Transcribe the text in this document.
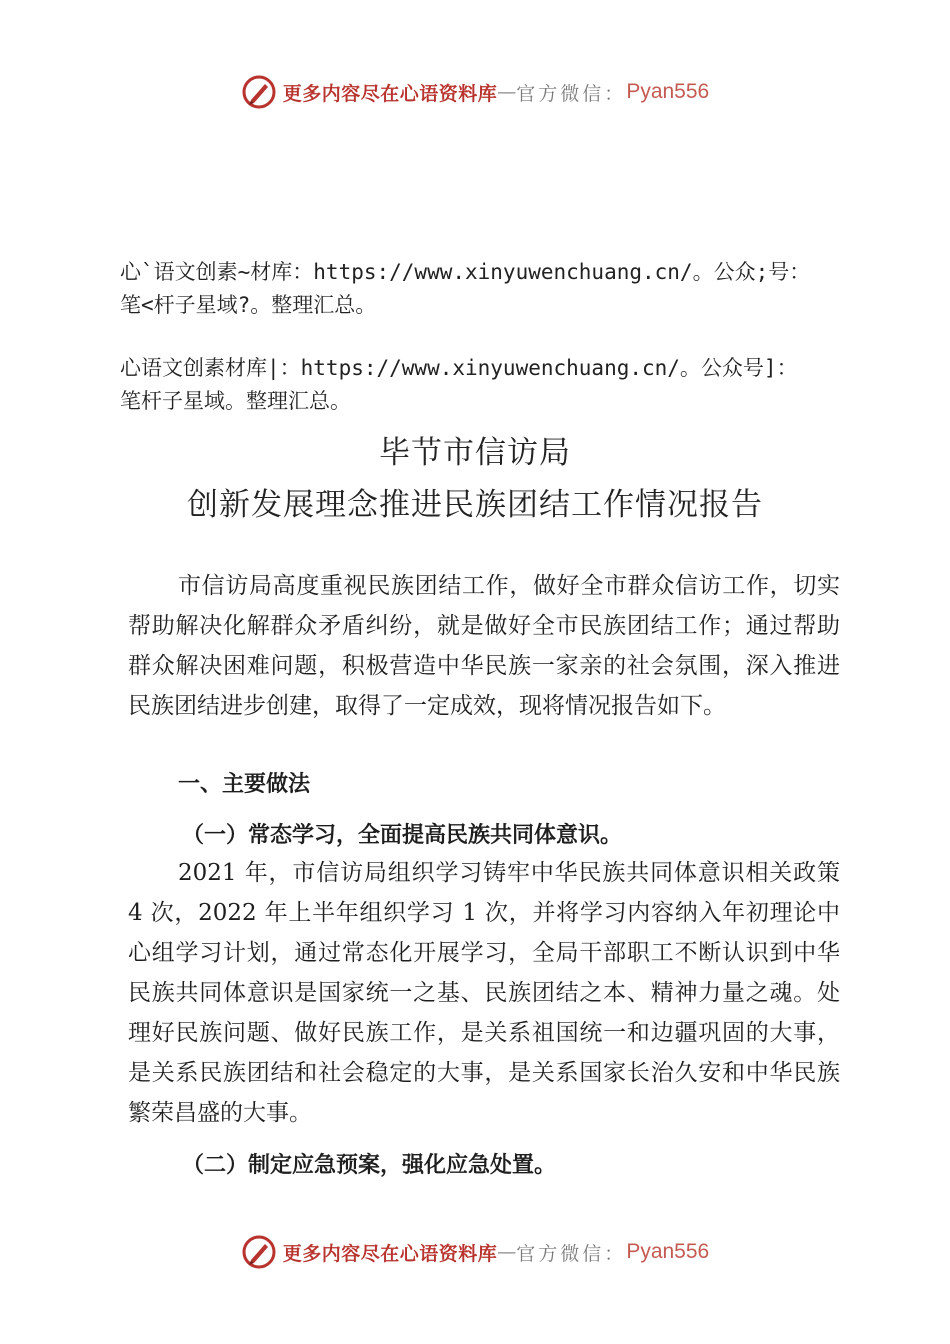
更多内容尽在心语资料库 — 官方微信： Pyan556
心`语文创素~材库：https://www.xinyuwenchuang.cn/。公众;号：
笔<杆子星域?。整理汇总。
心语文创素材库|：https://www.xinyuwenchuang.cn/。公众号]：
笔杆子星域。整理汇总。
毕节市信访局
创新发展理念推进民族团结工作情况报告
市信访局高度重视民族团结工作，做好全市群众信访工作，切实帮助解决化解群众矛盾纠纷，就是做好全市民族团结工作；通过帮助群众解决困难问题，积极营造中华民族一家亲的社会氛围，深入推进民族团结进步创建，取得了一定成效，现将情况报告如下。
一、主要做法
（一）常态学习，全面提高民族共同体意识。
2021 年，市信访局组织学习铸牢中华民族共同体意识相关政策 4 次，2022 年上半年组织学习 1 次，并将学习内容纳入年初理论中心组学习计划，通过常态化开展学习，全局干部职工不断认识到中华民族共同体意识是国家统一之基、民族团结之本、精神力量之魂。处理好民族问题、做好民族工作，是关系祖国统一和边疆巩固的大事，是关系民族团结和社会稳定的大事，是关系国家长治久安和中华民族繁荣昌盛的大事。
（二）制定应急预案，强化应急处置。
更多内容尽在心语资料库 — 官方微信： Pyan556
